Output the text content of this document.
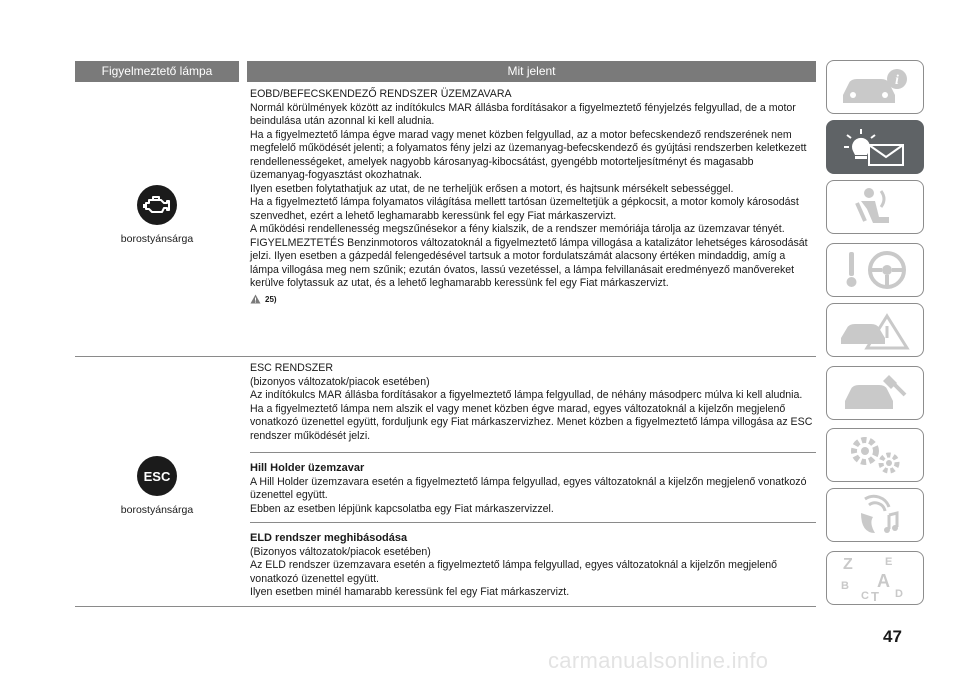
Figyelmeztető lámpa	Mit jelent
borostyánsárga

EOBD/BEFECSKENDEZŐ RENDSZER ÜZEMZAVARA

Normál körülmények között az indítókulcs MAR állásba fordításakor a figyelmeztető fényjelzés felgyullad, de a motor beindulása után azonnal ki kell aludnia.

Ha a figyelmeztető lámpa égve marad vagy menet közben felgyullad, az a motor befecskendező rendszerének nem megfelelő működését jelenti; a folyamatos fény jelzi az üzemanyag-befecskendező és gyújtási rendszerben keletkezett rendellenességeket, amelyek nagyobb károsanyag-kibocsátást, gyengébb motorteljesítményt és magasabb üzemanyag-fogyasztást okozhatnak.

Ilyen esetben folytathatjuk az utat, de ne terheljük erősen a motort, és hajtsunk mérsékelt sebességgel.

Ha a figyelmeztető lámpa folyamatos világítása mellett tartósan üzemeltetjük a gépkocsit, a motor komoly károsodást szenvedhet, ezért a lehető leghamarabb keressünk fel egy Fiat márkaszervizt.

A működési rendellenesség megszűnésekor a fény kialszik, de a rendszer memóriája tárolja az üzemzavar tényét.

FIGYELMEZTETÉS Benzinmotoros változatoknál a figyelmeztető lámpa villogása a katalizátor lehetséges károsodását jelzi. Ilyen esetben a gázpedál felengedésével tartsuk a motor fordulatszámát alacsony értéken mindaddig, amíg a lámpa villogása meg nem szűnik; ezután óvatos, lassú vezetéssel, a lámpa felvillanásait eredményező manővereket kerülve folytassuk az utat, és a lehető leghamarabb keressünk fel egy Fiat márkaszervizt.

25)
ESC
borostyánsárga

ESC RENDSZER

(bizonyos változatok/piacok esetében)

Az indítókulcs MAR állásba fordításakor a figyelmeztető lámpa felgyullad, de néhány másodperc múlva ki kell aludnia. Ha a figyelmeztető lámpa nem alszik el vagy menet közben égve marad, egyes változatoknál a kijelzőn megjelenő vonatkozó üzenettel együtt, forduljunk egy Fiat márkaszervizhez. Menet közben a figyelmeztető lámpa villogása az ESC rendszer működését jelzi.

Hill Holder üzemzavar

A Hill Holder üzemzavara esetén a figyelmeztető lámpa felgyullad, egyes változatoknál a kijelzőn megjelenő vonatkozó üzenettel együtt.

Ebben az esetben lépjünk kapcsolatba egy Fiat márkaszervizzel.

ELD rendszer meghibásodása

(Bizonyos változatok/piacok esetében)

Az ELD rendszer üzemzavara esetén a figyelmeztető lámpa felgyullad, egyes változatoknál a kijelzőn megjelenő vonatkozó üzenettel együtt.

Ilyen esetben minél hamarabb keressünk fel egy Fiat márkaszervizt.

i
Z	E
B A
C T D
47
carmanualsonline.info
